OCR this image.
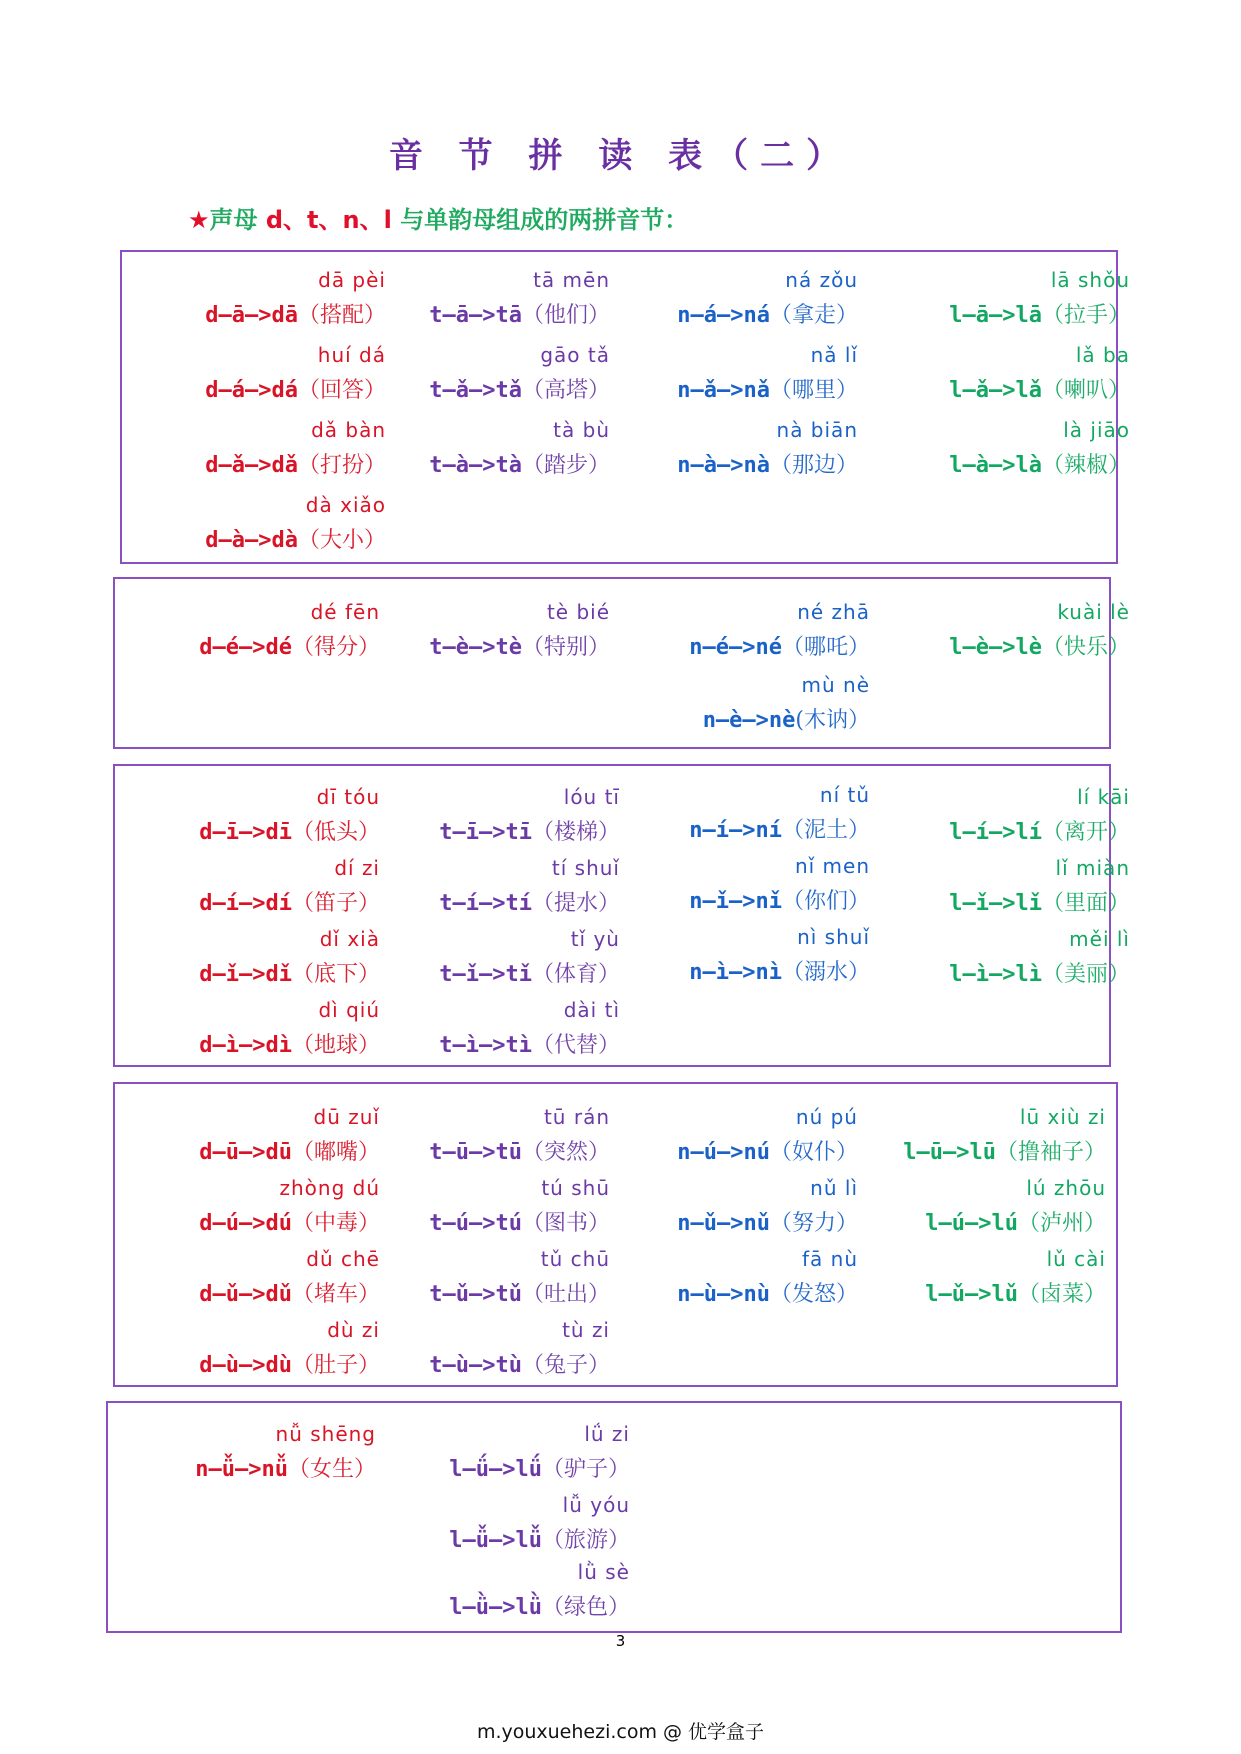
音 节 拼 读 表（二）
★声母 d、t、n、l 与单韵母组成的两拼音节：
dā pèi
d—ā—>dā（搭配）
tā mēn
t—ā—>tā（他们）
ná zǒu
n—á—>ná（拿走）
lā shǒu
l—ā—>lā（拉手）
huí dá
d—á—>dá（回答）
gāo tǎ
t—ǎ—>tǎ（高塔）
nǎ lǐ
n—ǎ—>nǎ（哪里）
lǎ ba
l—ǎ—>lǎ（喇叭）
dǎ bàn
d—ǎ—>dǎ（打扮）
tà bù
t—à—>tà（踏步）
nà biān
n—à—>nà（那边）
là jiāo
l—à—>là（辣椒）
dà xiǎo
d—à—>dà（大小）
dé fēn
d—é—>dé（得分）
tè bié
t—è—>tè（特别）
né zhā
n—é—>né（哪吒）
kuài lè
l—è—>lè（快乐）
mù nè
n—è—>nè(木讷）
dī tóu
d—ī—>dī（低头）
lóu tī
t—ī—>tī（楼梯）
ní tǔ
n—í—>ní（泥土）
lí kāi
l—í—>lí（离开）
dí zi
d—í—>dí（笛子）
tí shuǐ
t—í—>tí（提水）
nǐ men
n—ǐ—>nǐ（你们）
lǐ miàn
l—ǐ—>lǐ（里面）
dǐ xià
d—ǐ—>dǐ（底下）
tǐ yù
t—ǐ—>tǐ（体育）
nì shuǐ
n—ì—>nì（溺水）
měi lì
l—ì—>lì（美丽）
dì qiú
d—ì—>dì（地球）
dài tì
t—ì—>tì（代替）
dū zuǐ
d—ū—>dū（嘟嘴）
tū rán
t—ū—>tū（突然）
nú pú
n—ú—>nú（奴仆）
lū xiù zi
l—ū—>lū（撸袖子）
zhòng dú
d—ú—>dú（中毒）
tú shū
t—ú—>tú（图书）
nǔ lì
n—ǔ—>nǔ（努力）
lú zhōu
l—ú—>lú（泸州）
dǔ chē
d—ǔ—>dǔ（堵车）
tǔ chū
t—ǔ—>tǔ（吐出）
fā nù
n—ù—>nù（发怒）
lǔ cài
l—ǔ—>lǔ（卤菜）
dù zi
d—ù—>dù（肚子）
tù zi
t—ù—>tù（兔子）
nǚ shēng
n—ǚ—>nǚ（女生）
lǘ zi
l—ǘ—>lǘ（驴子）
lǚ yóu
l—ǚ—>lǚ（旅游）
lǜ sè
l—ǜ—>lǜ（绿色）
3
m.youxuehezi.com @ 优学盒子
